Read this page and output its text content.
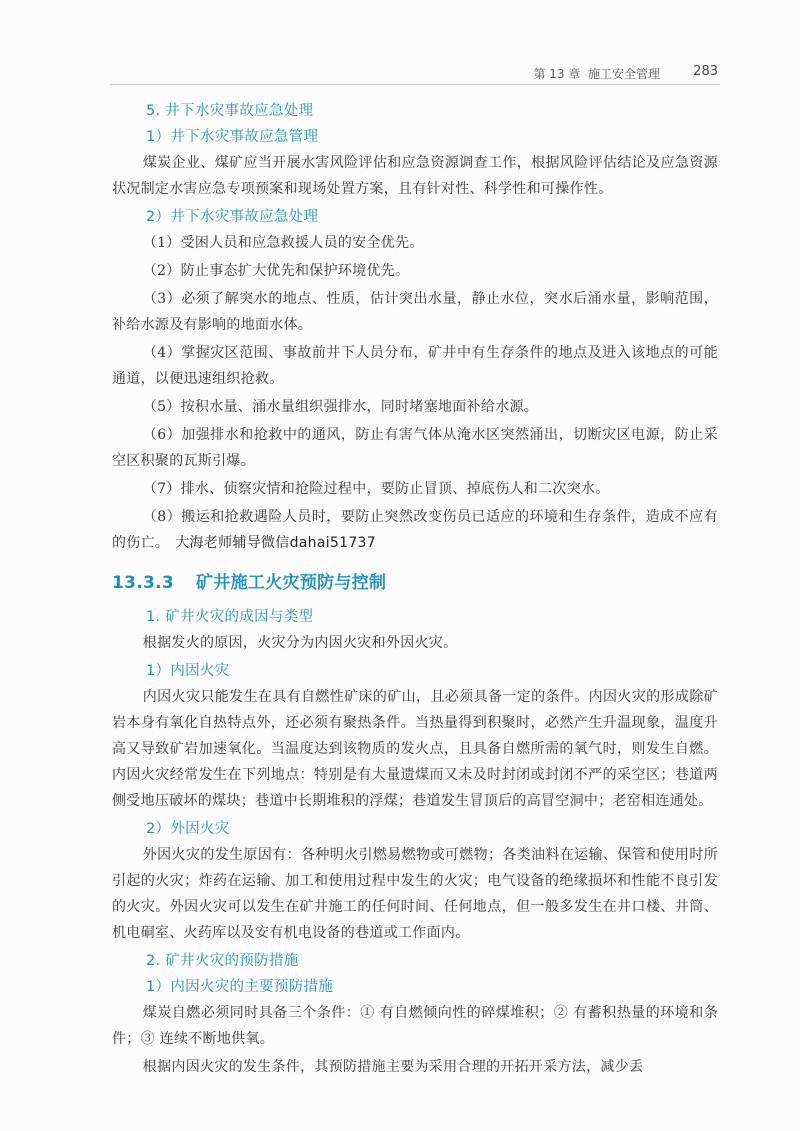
第 13 章 施工安全管理	283
5. 井下水灾事故应急处理
1）井下水灾事故应急管理

煤炭企业、煤矿应当开展水害风险评估和应急资源调查工作，根据风险评估结论及应急资源状况制定水害应急专项预案和现场处置方案，且有针对性、科学性和可操作性。

2）井下水灾事故应急处理

（1）受困人员和应急救援人员的安全优先。

（2）防止事态扩大优先和保护环境优先。

（3）必须了解突水的地点、性质，估计突出水量，静止水位，突水后涌水量，影响范围，补给水源及有影响的地面水体。

（4）掌握灾区范围、事故前井下人员分布，矿井中有生存条件的地点及进入该地点的可能通道，以便迅速组织抢救。

（5）按积水量、涌水量组织强排水，同时堵塞地面补给水源。

（6）加强排水和抢救中的通风，防止有害气体从淹水区突然涌出，切断灾区电源，防止采空区积聚的瓦斯引爆。

（7）排水、侦察灾情和抢险过程中，要防止冒顶、掉底伤人和二次突水。

（8）搬运和抢救遇险人员时，要防止突然改变伤员已适应的环境和生存条件，造成不应有的伤亡。 大海老师辅导微信dahai51737

13.3.3 矿井施工火灾预防与控制
1. 矿井火灾的成因与类型

根据发火的原因，火灾分为内因火灾和外因火灾。

1）内因火灾

内因火灾只能发生在具有自燃性矿床的矿山，且必须具备一定的条件。内因火灾的形成除矿岩本身有氧化自热特点外，还必须有聚热条件。当热量得到积聚时，必然产生升温现象，温度升高又导致矿岩加速氧化。当温度达到该物质的发火点，且具备自燃所需的氧气时，则发生自燃。内因火灾经常发生在下列地点：特别是有大量遗煤而又未及时封闭或封闭不严的采空区；巷道两侧受地压破坏的煤块；巷道中长期堆积的浮煤；巷道发生冒顶后的高冒空洞中；老窑相连通处。

2）外因火灾

外因火灾的发生原因有：各种明火引燃易燃物或可燃物；各类油料在运输、保管和使用时所引起的火灾；炸药在运输、加工和使用过程中发生的火灾；电气设备的绝缘损坏和性能不良引发的火灾。外因火灾可以发生在矿井施工的任何时间、任何地点，但一般多发生在井口楼、井筒、机电硐室、火药库以及安有机电设备的巷道或工作面内。

2. 矿井火灾的预防措施
1）内因火灾的主要预防措施

煤炭自燃必须同时具备三个条件：① 有自燃倾向性的碎煤堆积；② 有蓄积热量的环境和条件；③ 连续不断地供氧。

根据内因火灾的发生条件，其预防措施主要为采用合理的开拓开采方法，减少丢
